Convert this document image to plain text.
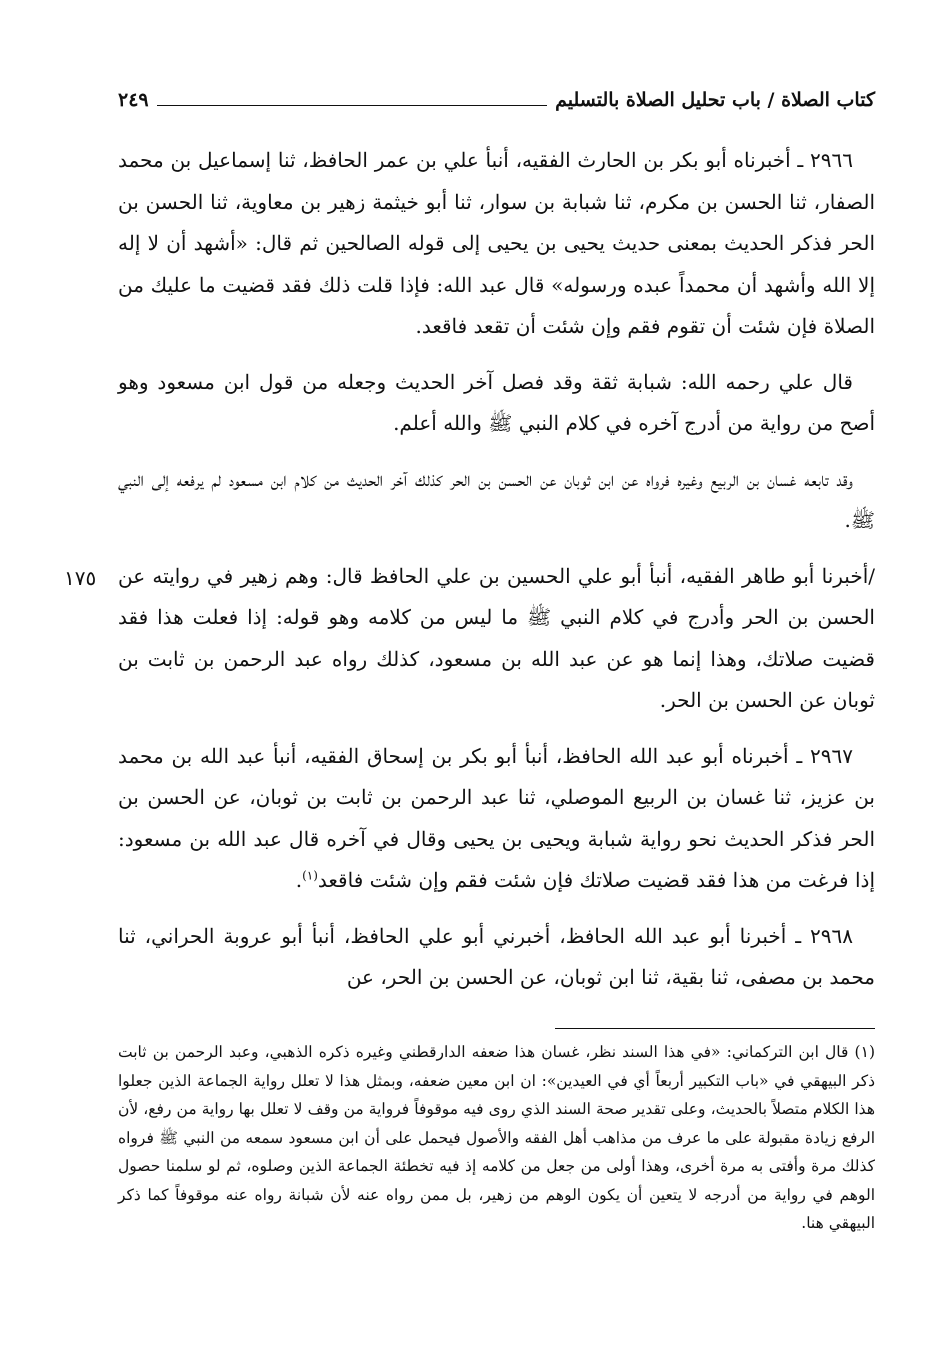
كتاب الصلاة / باب تحليل الصلاة بالتسليم
٢٤٩
١٧٥

٢٩٦٦ ـ أخبرناه أبو بكر بن الحارث الفقيه، أنبأ علي بن عمر الحافظ، ثنا إسماعيل بن محمد الصفار، ثنا الحسن بن مكرم، ثنا شبابة بن سوار، ثنا أبو خيثمة زهير بن معاوية، ثنا الحسن بن الحر فذكر الحديث بمعنى حديث يحيى بن يحيى إلى قوله الصالحين ثم قال: «أشهد أن لا إله إلا الله وأشهد أن محمداً عبده ورسوله» قال عبد الله: فإذا قلت ذلك فقد قضيت ما عليك من الصلاة فإن شئت أن تقوم فقم وإن شئت أن تقعد فاقعد.

قال علي رحمه الله: شبابة ثقة وقد فصل آخر الحديث وجعله من قول ابن مسعود وهو أصح من رواية من أدرج آخره في كلام النبي ﷺ والله أعلم.

وقد تابعه غسان بن الربيع وغيره فرواه عن ابن ثوبان عن الحسن بن الحر كذلك آخر الحديث من كلام ابن مسعود لم يرفعه إلى النبي ﷺ.

/أخبرنا أبو طاهر الفقيه، أنبأ أبو علي الحسين بن علي الحافظ قال: وهم زهير في روايته عن الحسن بن الحر وأدرج في كلام النبي ﷺ ما ليس من كلامه وهو قوله: إذا فعلت هذا فقد قضيت صلاتك، وهذا إنما هو عن عبد الله بن مسعود، كذلك رواه عبد الرحمن بن ثابت بن ثوبان عن الحسن بن الحر.

٢٩٦٧ ـ أخبرناه أبو عبد الله الحافظ، أنبأ أبو بكر بن إسحاق الفقيه، أنبأ عبد الله بن محمد بن عزيز، ثنا غسان بن الربيع الموصلي، ثنا عبد الرحمن بن ثابت بن ثوبان، عن الحسن بن الحر فذكر الحديث نحو رواية شبابة ويحيى بن يحيى وقال في آخره قال عبد الله بن مسعود: إذا فرغت من هذا فقد قضيت صلاتك فإن شئت فقم وإن شئت فاقعد$^{(١)}$.

٢٩٦٨ ـ أخبرنا أبو عبد الله الحافظ، أخبرني أبو علي الحافظ، أنبأ أبو عروبة الحراني، ثنا محمد بن مصفى، ثنا بقية، ثنا ابن ثوبان، عن الحسن بن الحر، عن

(١) قال ابن التركماني: «في هذا السند نظر، غسان هذا ضعفه الدارقطني وغيره ذكره الذهبي، وعبد الرحمن بن ثابت ذكر البيهقي في «باب التكبير أربعاً أي في العيدين»: ان ابن معين ضعفه، وبمثل هذا لا تعلل رواية الجماعة الذين جعلوا هذا الكلام متصلاً بالحديث، وعلى تقدير صحة السند الذي روى فيه موقوفاً فرواية من وقف لا تعلل بها رواية من رفع، لأن الرفع زيادة مقبولة على ما عرف من مذاهب أهل الفقه والأصول فيحمل على أن ابن مسعود سمعه من النبي ﷺ فرواه كذلك مرة وأفتى به مرة أخرى، وهذا أولى من جعل من كلامه إذ فيه تخطئة الجماعة الذين وصلوه، ثم لو سلمنا حصول الوهم في رواية من أدرجه لا يتعين أن يكون الوهم من زهير، بل ممن رواه عنه لأن شبانة رواه عنه موقوفاً كما ذكر البيهقي هنا.
